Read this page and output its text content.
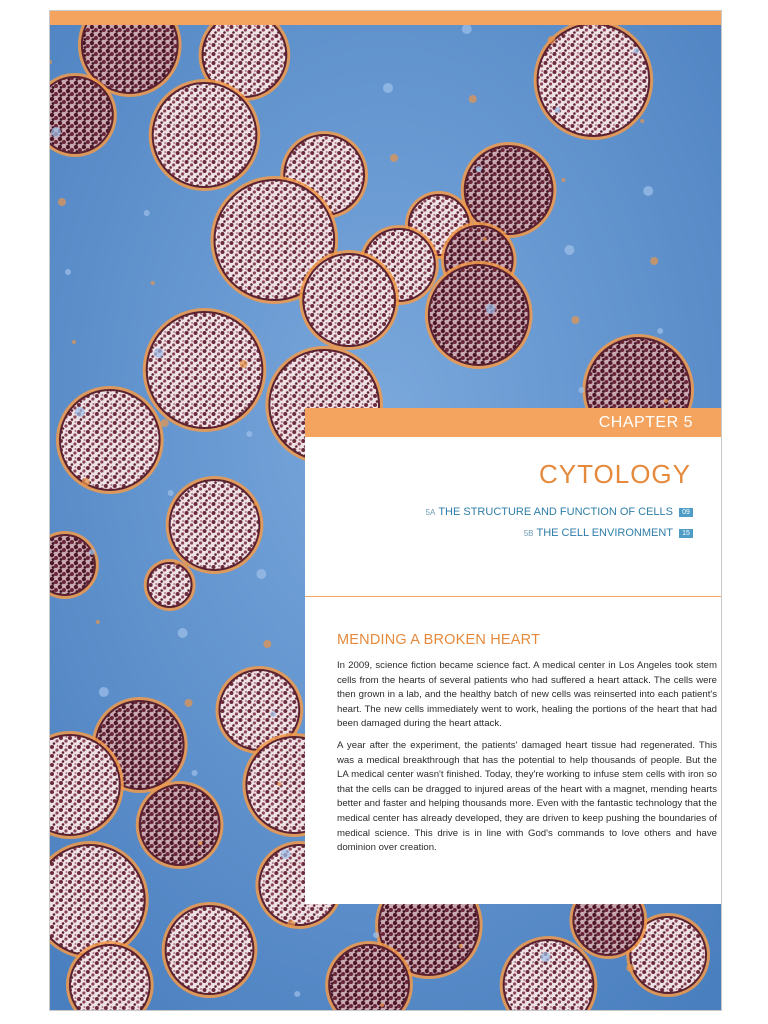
CHAPTER 5
CYTOLOGY
5A THE STRUCTURE AND FUNCTION OF CELLS	09
5B THE CELL ENVIRONMENT	15
MENDING A BROKEN HEART

In 2009, science fiction became science fact. A medical center in Los Angeles took stem cells from the hearts of several patients who had suffered a heart attack. The cells were then grown in a lab, and the healthy batch of new cells was reinserted into each patient's heart. The new cells immediately went to work, healing the portions of the heart that had been damaged during the heart attack.

A year after the experiment, the patients' damaged heart tissue had regenerated. This was a medical breakthrough that has the potential to help thousands of people. But the LA medical center wasn't finished. Today, they're working to infuse stem cells with iron so that the cells can be dragged to injured areas of the heart with a magnet, mending hearts better and faster and helping thousands more. Even with the fantastic technology that the medical center has already developed, they are driven to keep pushing the boundaries of medical science. This drive is in line with God's commands to love others and have dominion over creation.
